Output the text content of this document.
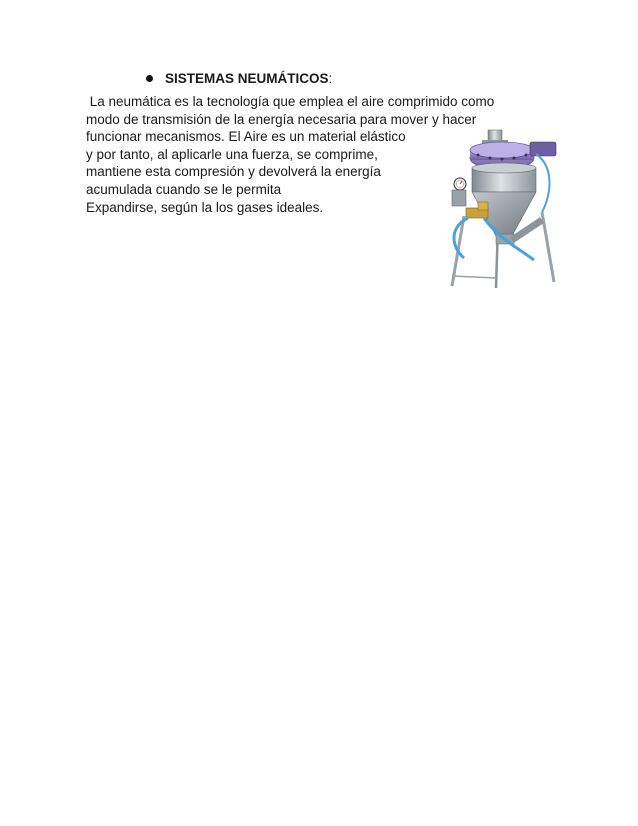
SISTEMAS NEUMÁTICOS:
La neumática es la tecnología que emplea el aire comprimido como
modo de transmisión de la energía necesaria para mover y hacer
funcionar mecanismos. El Aire es un material elástico
y por tanto, al aplicarle una fuerza, se comprime,
mantiene esta compresión y devolverá la energía
acumulada cuando se le permita
Expandirse, según la los gases ideales.
